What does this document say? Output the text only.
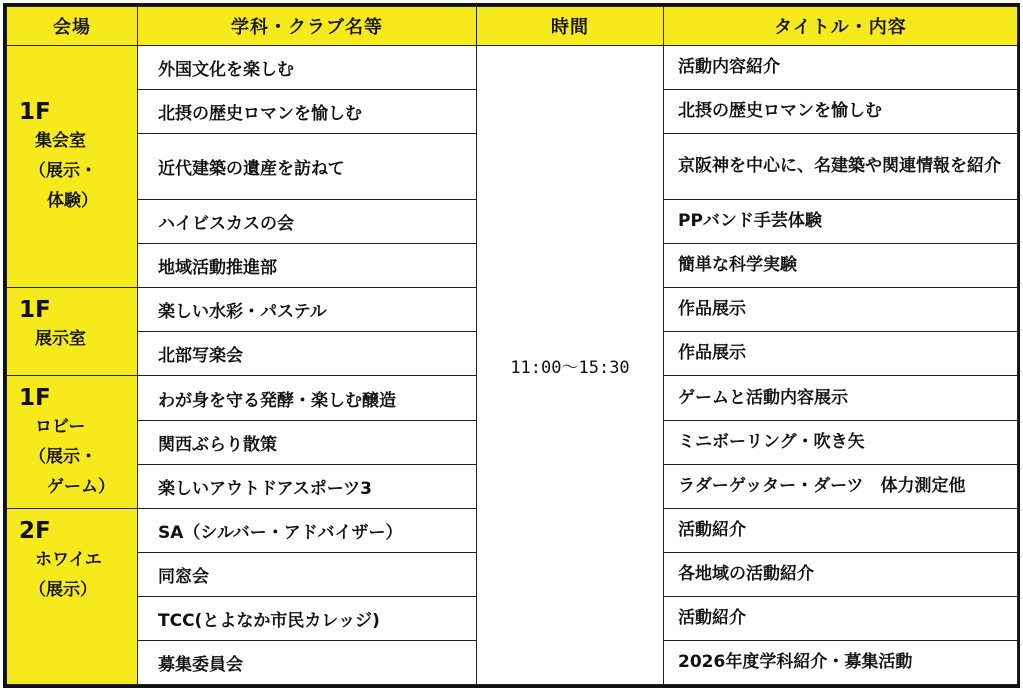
会場	学科・クラブ名等	時間	タイトル・内容

1F
集会室
（展示・
体験）	外国文化を楽しむ	11:00〜15:30	活動内容紹介
	北摂の歴史ロマンを愉しむ		北摂の歴史ロマンを愉しむ
	近代建築の遺産を訪ねて		京阪神を中心に、名建築や関連情報を紹介
	ハイビスカスの会		PPバンド手芸体験
	地域活動推進部		簡単な科学実験

1F
展示室	楽しい水彩・パステル		作品展示
	北部写楽会		作品展示

1F
ロビー
（展示・
ゲーム）	わが身を守る発酵・楽しむ醸造		ゲームと活動内容展示
	関西ぶらり散策		ミニボーリング・吹き矢
	楽しいアウトドアスポーツ3		ラダーゲッター・ダーツ　体力測定他

2F
ホワイエ
（展示）	SA（シルバー・アドバイザー）		活動紹介
	同窓会		各地域の活動紹介
	TCC(とよなか市民カレッジ)		活動紹介
	募集委員会		2026年度学科紹介・募集活動
